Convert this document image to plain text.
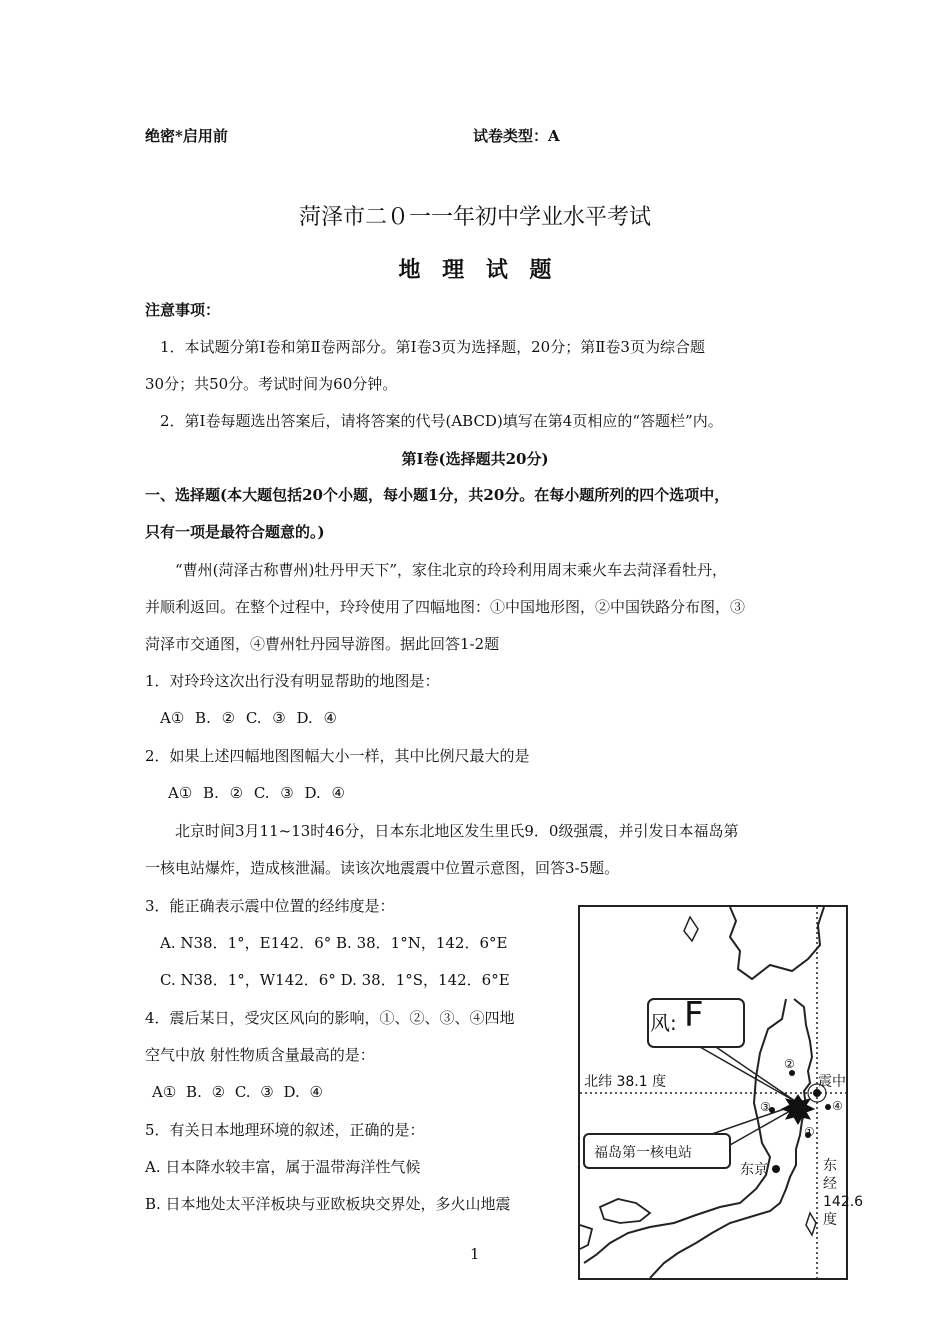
绝密*启用前	试卷类型：A
菏泽市二０一一年初中学业水平考试
地 理 试 题
注意事项：
1．本试题分第Ⅰ卷和第Ⅱ卷两部分。第Ⅰ卷3页为选择题，20分；第Ⅱ卷3页为综合题
30分；共50分。考试时间为60分钟。
2．第Ⅰ卷每题选出答案后，请将答案的代号(ABCD)填写在第4页相应的“答题栏”内。
第Ⅰ卷(选择题共20分)
一、选择题(本大题包括20个小题，每小题1分，共20分。在每小题所列的四个选项中，
只有一项是最符合题意的。)
“曹州(菏泽古称曹州)牡丹甲天下”，家住北京的玲玲利用周末乘火车去菏泽看牡丹，
并顺利返回。在整个过程中，玲玲使用了四幅地图：①中国地形图，②中国铁路分布图，③
菏泽市交通图，④曹州牡丹园导游图。据此回答1-2题
1．对玲玲这次出行没有明显帮助的地图是：
A① B. ② C. ③ D. ④
2．如果上述四幅地图图幅大小一样，其中比例尺最大的是
A① B. ② C. ③ D. ④
北京时间3月11~13时46分，日本东北地区发生里氏9．0级强震，并引发日本福岛第
一核电站爆炸，造成核泄漏。读该次地震震中位置示意图，回答3-5题。
3．能正确表示震中位置的经纬度是：
A. N38．1°，E142．6° B. 38．1°N，142．6°E
C. N38．1°，W142．6° D. 38．1°S，142．6°E
4．震后某日，受灾区风向的影响，①、②、③、④四地
空气中放 射性物质含量最高的是：
A① B. ② C. ③ D. ④
5．有关日本地理环境的叙述，正确的是：
A. 日本降水较丰富，属于温带海洋性气候
B. 日本地处太平洋板块与亚欧板块交界处，多火山地震
1
风: F
北纬 38.1 度	震中
福岛第一核电站
东京	东经142.6度
①
②
③	④
